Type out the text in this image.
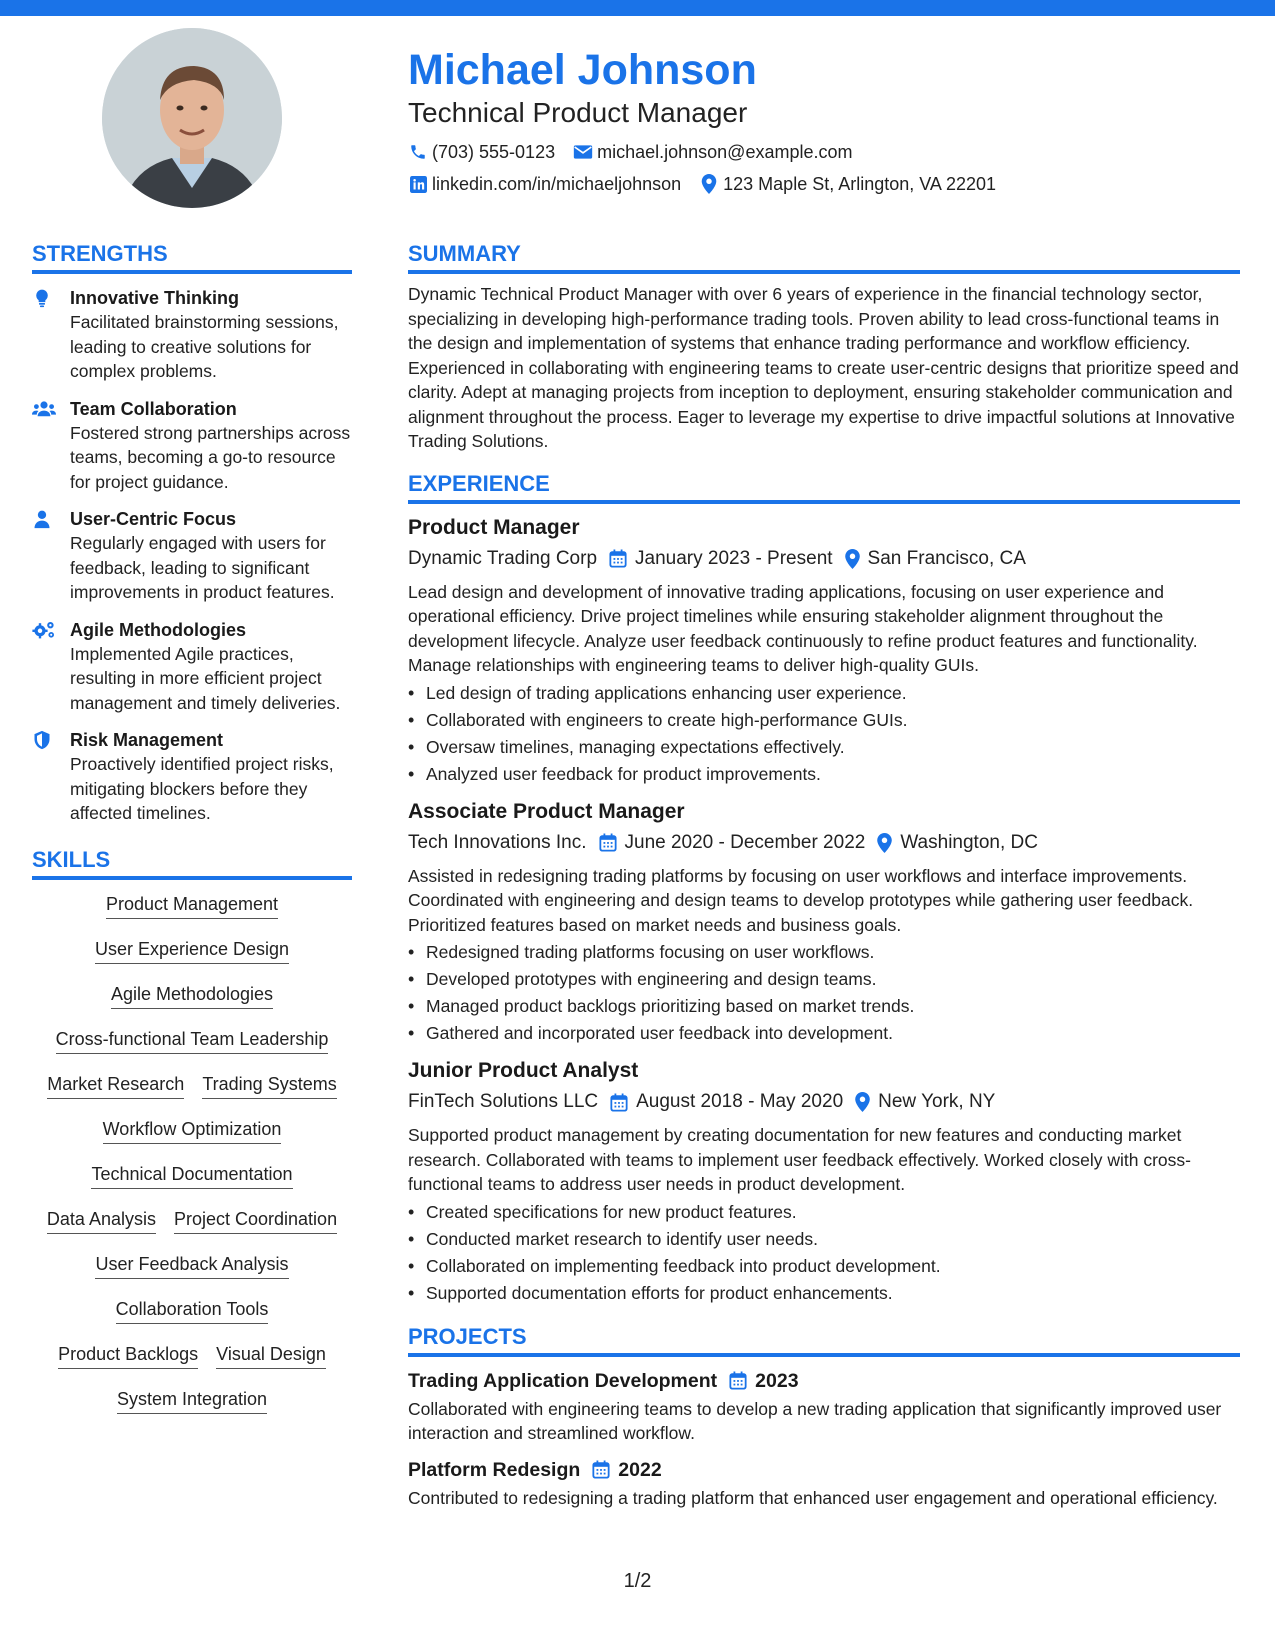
Michael Johnson
Technical Product Manager
(703) 555-0123 michael.johnson@example.com
linkedin.com/in/michaeljohnson 123 Maple St, Arlington, VA 22201
STRENGTHS
Innovative Thinking
Facilitated brainstorming sessions, leading to creative solutions for complex problems.
Team Collaboration
Fostered strong partnerships across teams, becoming a go-to resource for project guidance.
User-Centric Focus
Regularly engaged with users for feedback, leading to significant improvements in product features.
Agile Methodologies
Implemented Agile practices, resulting in more efficient project management and timely deliveries.
Risk Management
Proactively identified project risks, mitigating blockers before they affected timelines.
SKILLS
Product Management
User Experience Design
Agile Methodologies
Cross-functional Team Leadership
Market Research Trading Systems
Workflow Optimization
Technical Documentation
Data Analysis Project Coordination
User Feedback Analysis
Collaboration Tools
Product Backlogs Visual Design
System Integration
SUMMARY
Dynamic Technical Product Manager with over 6 years of experience in the financial technology sector, specializing in developing high-performance trading tools. Proven ability to lead cross-functional teams in the design and implementation of systems that enhance trading performance and workflow efficiency. Experienced in collaborating with engineering teams to create user-centric designs that prioritize speed and clarity. Adept at managing projects from inception to deployment, ensuring stakeholder communication and alignment throughout the process. Eager to leverage my expertise to drive impactful solutions at Innovative Trading Solutions.
EXPERIENCE
Product Manager
Dynamic Trading Corp January 2023 - Present San Francisco, CA
Lead design and development of innovative trading applications, focusing on user experience and operational efficiency. Drive project timelines while ensuring stakeholder alignment throughout the development lifecycle. Analyze user feedback continuously to refine product features and functionality. Manage relationships with engineering teams to deliver high-quality GUIs.
• Led design of trading applications enhancing user experience.
• Collaborated with engineers to create high-performance GUIs.
• Oversaw timelines, managing expectations effectively.
• Analyzed user feedback for product improvements.
Associate Product Manager
Tech Innovations Inc. June 2020 - December 2022 Washington, DC
Assisted in redesigning trading platforms by focusing on user workflows and interface improvements. Coordinated with engineering and design teams to develop prototypes while gathering user feedback. Prioritized features based on market needs and business goals.
• Redesigned trading platforms focusing on user workflows.
• Developed prototypes with engineering and design teams.
• Managed product backlogs prioritizing based on market trends.
• Gathered and incorporated user feedback into development.
Junior Product Analyst
FinTech Solutions LLC August 2018 - May 2020 New York, NY
Supported product management by creating documentation for new features and conducting market research. Collaborated with teams to implement user feedback effectively. Worked closely with cross-functional teams to address user needs in product development.
• Created specifications for new product features.
• Conducted market research to identify user needs.
• Collaborated on implementing feedback into product development.
• Supported documentation efforts for product enhancements.
PROJECTS
Trading Application Development 2023
Collaborated with engineering teams to develop a new trading application that significantly improved user interaction and streamlined workflow.
Platform Redesign 2022
Contributed to redesigning a trading platform that enhanced user engagement and operational efficiency.
1/2
